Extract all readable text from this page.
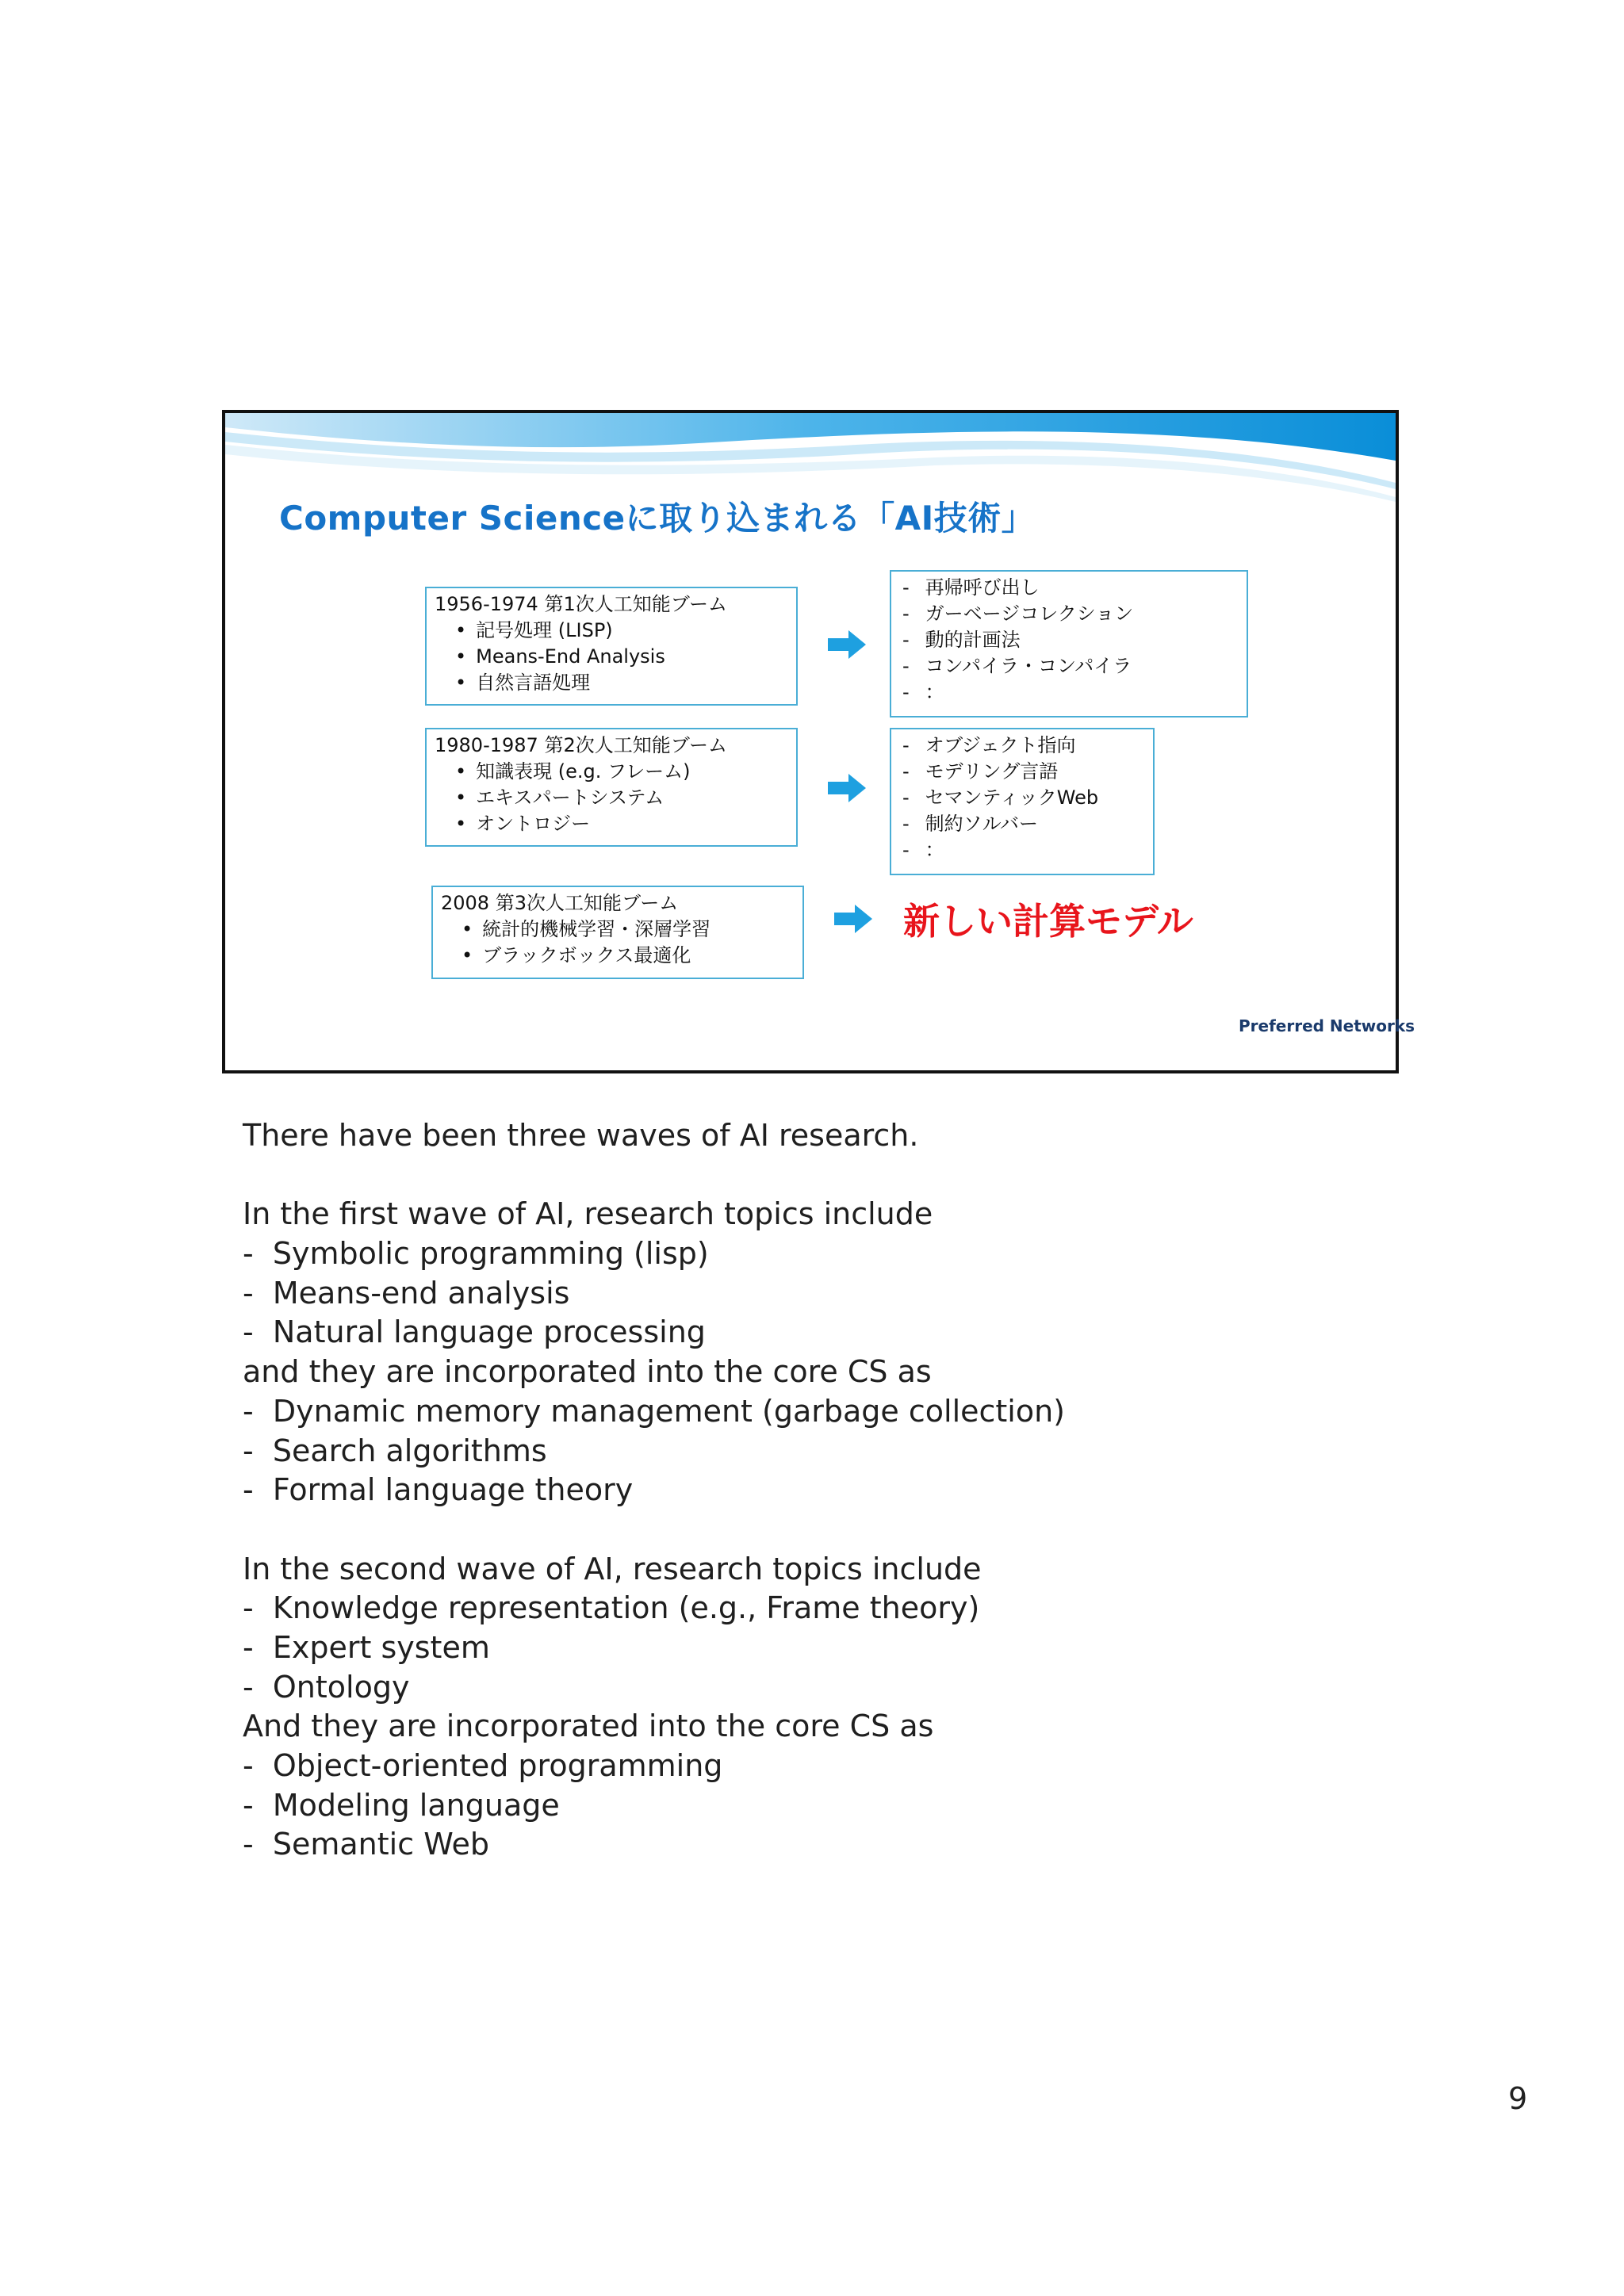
Computer Scienceに取り込まれる「AI技術」
1956-1974 第1次人工知能ブーム
• 記号処理 (LISP)
• Means-End Analysis
• 自然言語処理
1980-1987 第2次人工知能ブーム
• 知識表現 (e.g. フレーム)
• エキスパートシステム
• オントロジー
2008 第3次人工知能ブーム
• 統計的機械学習・深層学習
• ブラックボックス最適化
- 再帰呼び出し
- ガーベージコレクション
- 動的計画法
- コンパイラ・コンパイラ
- ：
- オブジェクト指向
- モデリング言語
- セマンティックWeb
- 制約ソルバー
- ：
新しい計算モデル
Preferred Networks
There have been three waves of AI research.
In the first wave of AI, research topics include
- Symbolic programming (lisp)
- Means-end analysis
- Natural language processing
and they are incorporated into the core CS as
- Dynamic memory management (garbage collection)
- Search algorithms
- Formal language theory
In the second wave of AI, research topics include
- Knowledge representation (e.g., Frame theory)
- Expert system
- Ontology
And they are incorporated into the core CS as
- Object-oriented programming
- Modeling language
- Semantic Web
9
